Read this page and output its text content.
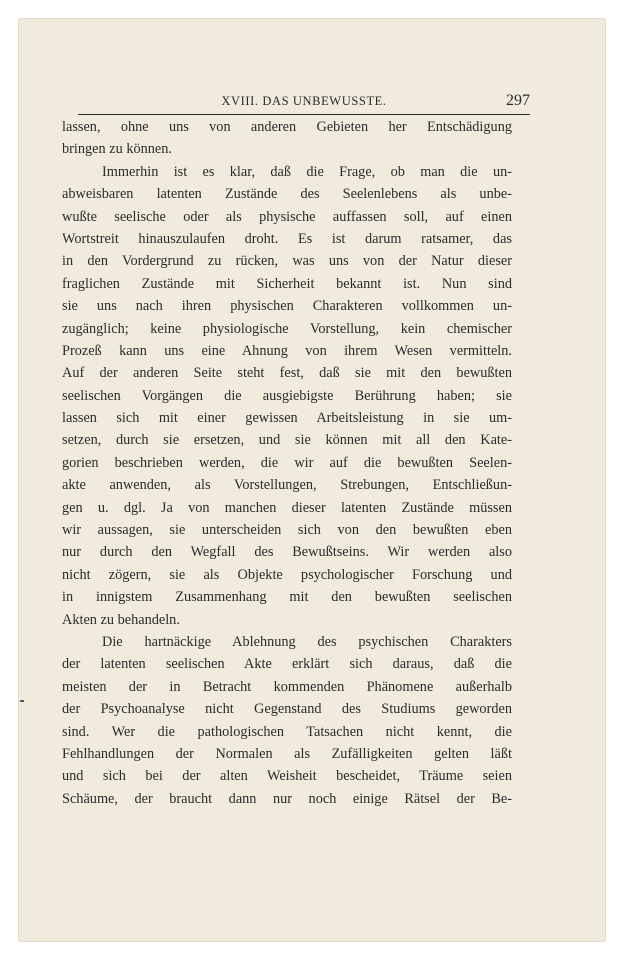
XVIII. DAS UNBEWUSSTE.	297
lassen, ohne uns von anderen Gebieten her Entschädigung
bringen zu können.
Immerhin ist es klar, daß die Frage, ob man die un-
abweisbaren latenten Zustände des Seelenlebens als unbe-
wußte seelische oder als physische auffassen soll, auf einen
Wortstreit hinauszulaufen droht. Es ist darum ratsamer, das
in den Vordergrund zu rücken, was uns von der Natur dieser
fraglichen Zustände mit Sicherheit bekannt ist. Nun sind
sie uns nach ihren physischen Charakteren vollkommen un-
zugänglich; keine physiologische Vorstellung, kein chemischer
Prozeß kann uns eine Ahnung von ihrem Wesen vermitteln.
Auf der anderen Seite steht fest, daß sie mit den bewußten
seelischen Vorgängen die ausgiebigste Berührung haben; sie
lassen sich mit einer gewissen Arbeitsleistung in sie um-
setzen, durch sie ersetzen, und sie können mit all den Kate-
gorien beschrieben werden, die wir auf die bewußten Seelen-
akte anwenden, als Vorstellungen, Strebungen, Entschließun-
gen u. dgl. Ja von manchen dieser latenten Zustände müssen
wir aussagen, sie unterscheiden sich von den bewußten eben
nur durch den Wegfall des Bewußtseins. Wir werden also
nicht zögern, sie als Objekte psychologischer Forschung und
in innigstem Zusammenhang mit den bewußten seelischen
Akten zu behandeln.
Die hartnäckige Ablehnung des psychischen Charakters
der latenten seelischen Akte erklärt sich daraus, daß die
meisten der in Betracht kommenden Phänomene außerhalb
der Psychoanalyse nicht Gegenstand des Studiums geworden
sind. Wer die pathologischen Tatsachen nicht kennt, die
Fehlhandlungen der Normalen als Zufälligkeiten gelten läßt
und sich bei der alten Weisheit bescheidet, Träume seien
Schäume, der braucht dann nur noch einige Rätsel der Be-
